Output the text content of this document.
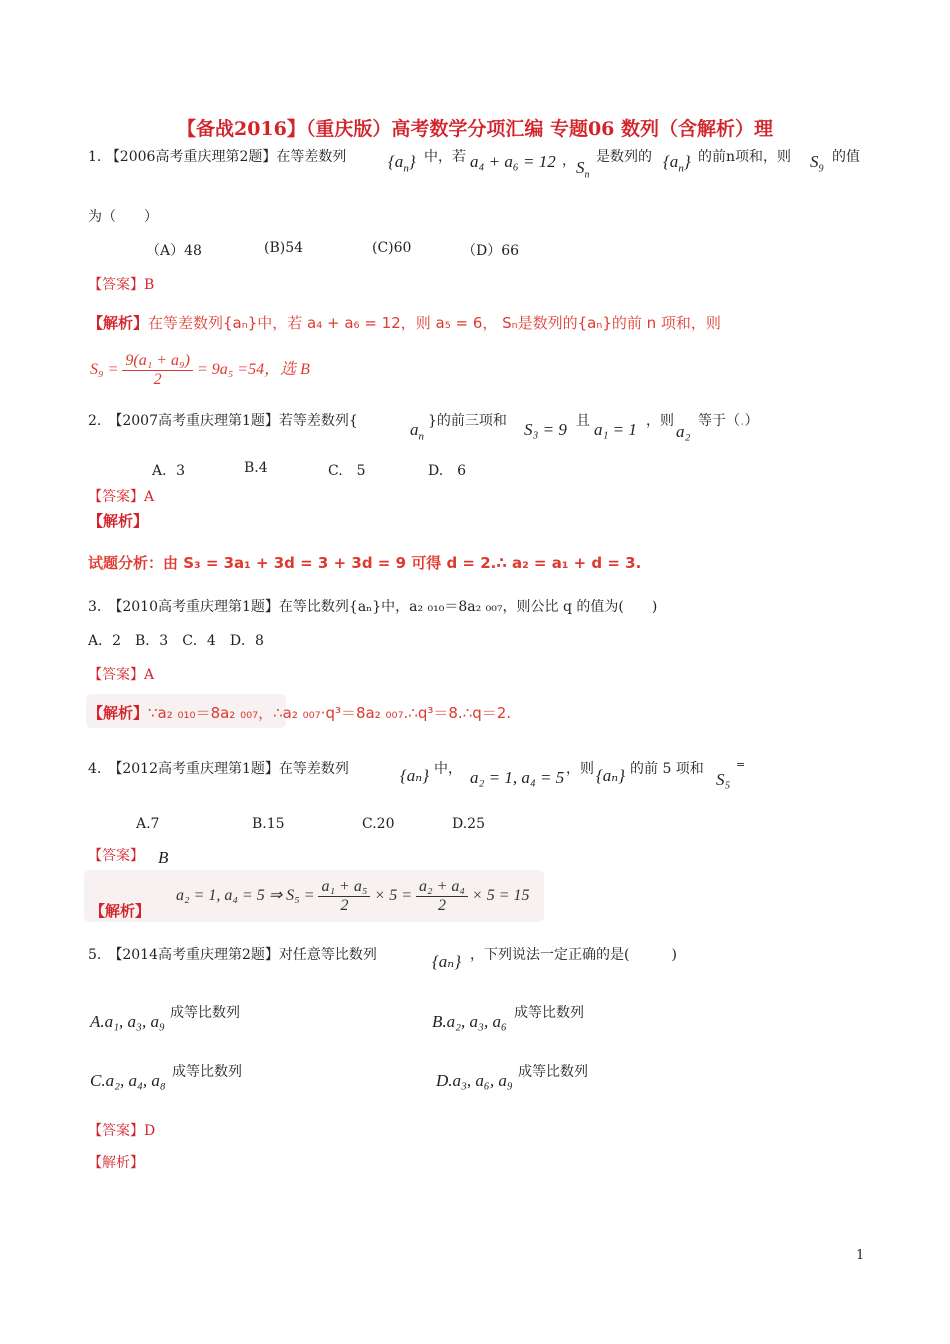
【备战2016】（重庆版）高考数学分项汇编 专题06 数列（含解析）理
1. 【2006高考重庆理第2题】在等差数列 $\{a_n\}$ 中，若 a₄ + a₆ = 12 ， $S_n$
是数列的 $\{a_n\}$ 的前n项和，则 $S_9$
的值
为（　　）
（A）48	(B)54	(C)60	（D）66
【答案】B
【解析】在等差数列{aₙ}中，若 a₄ + a₆ = 12，则 a₅ = 6， Sₙ是数列的{aₙ}的前 n 项和，则
$S_9 = \frac{\text{9(a₁ + a₉)}}{2} = 9a_5 =54$，选 B
2.　 【2007高考重庆理第1题】若等差数列{	$a_n$
}的前三项和 S₃ = 9 且 a₁ = 1 ，则
a₂
等于（.）
A．3	B.4	C.　5	D.　6
【答案】A
【解析】
试题分析：由 S₃ = 3a₁ + 3d = 3 + 3d = 9 可得 d = 2.∴ a₂ = a₁ + d = 3.
3.　 【2010高考重庆理第1题】在等比数列{aₙ}中，a₂ ₀₁₀＝8a₂ ₀₀₇，则公比 q 的值为(　　)
A．2　B．3　C．4　D．8
【答案】A
【解析】∵a₂ ₀₁₀＝8a₂ ₀₀₇，∴a₂ ₀₀₇·q³＝8a₂ ₀₀₇.∴q³＝8.∴q＝2.
4.　 【2012高考重庆理第1题】在等差数列	{aₙ} 中， a₂ = 1, a₄ = 5 ，则 {aₙ} 的前 5 项和
S₅
=
A.7	B.15	C.20	D.25
【答案】 B
【解析】
a₂ = 1, a₄ = 5 ⇒ $S_5 = \frac{\text{a₁ + a₅}}{2} \times 5 = \frac{\text{a₂ + a₄}}{2} \times 5 = 15$
5.　 【2014高考重庆理第2题】对任意等比数列	{aₙ} ，下列说法一定正确的是(　　　)
A.a₁, a₃, a₉ 成等比数列	B.a₂, a₃, a₆ 成等比数列
C.a₂, a₄, a₈ 成等比数列	D.a₃, a₆, a₉ 成等比数列
【答案】D
【解析】
1
